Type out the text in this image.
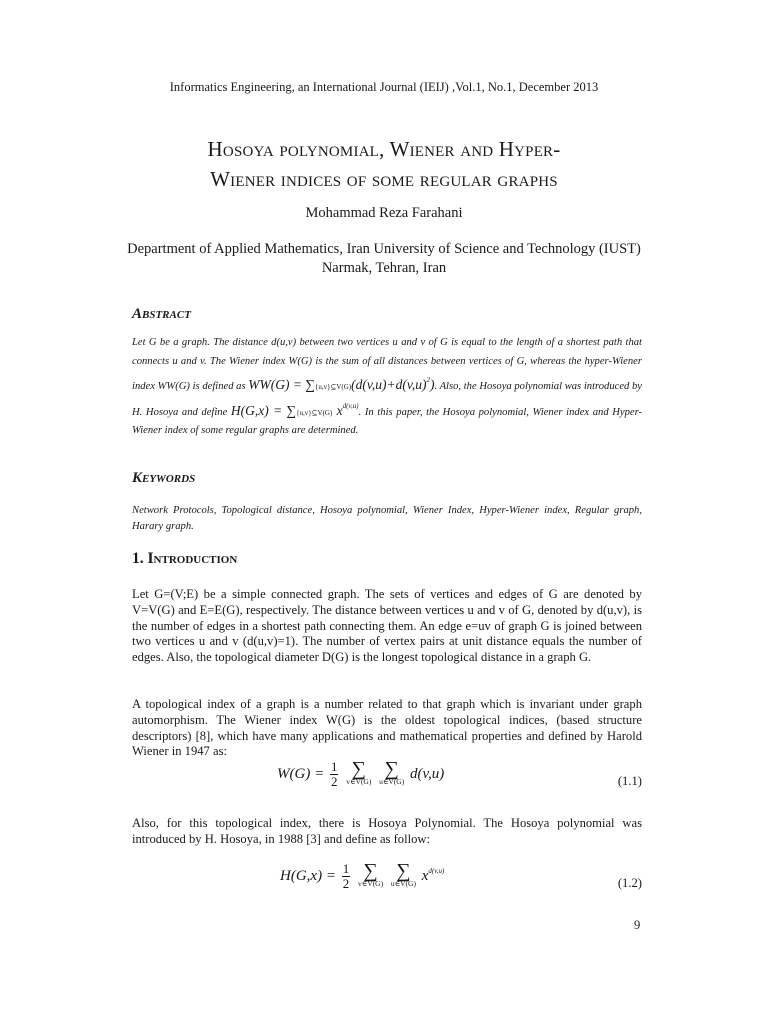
Informatics Engineering, an International Journal (IEIJ) ,Vol.1, No.1, December 2013
Hosoya polynomial, Wiener and Hyper-
Wiener indices of some regular graphs
Mohammad Reza Farahani
Department of Applied Mathematics, Iran University of Science and Technology (IUST)
Narmak, Tehran, Iran
Abstract
Let G be a graph. The distance d(u,v) between two vertices u and v of G is equal to the length of a shortest path that connects u and v. The Wiener index W(G) is the sum of all distances between vertices of G, whereas the hyper-Wiener index WW(G) is defined as $WW(G) = \sum\{u,v\}⊆V(G)(d(v,u)+d(v,u)^2)$. Also, the Hosoya polynomial was introduced by H. Hosoya and define H(G,x) = ∑{u,v}⊆V(G) $x^{d(v,u)}$. In this paper, the Hosoya polynomial, Wiener index and Hyper-Wiener index of some regular graphs are determined.
Keywords
Network Protocols, Topological distance, Hosoya polynomial, Wiener Index, Hyper-Wiener index, Regular graph, Harary graph.
1. Introduction
Let G=(V;E) be a simple connected graph. The sets of vertices and edges of G are denoted by V=V(G) and E=E(G), respectively. The distance between vertices u and v of G, denoted by d(u,v), is the number of edges in a shortest path connecting them. An edge e=uv of graph G is joined between two vertices u and v (d(u,v)=1). The number of vertex pairs at unit distance equals the number of edges. Also, the topological diameter D(G) is the longest topological distance in a graph G.
A topological index of a graph is a number related to that graph which is invariant under graph automorphism. The Wiener index W(G) is the oldest topological indices, (based structure descriptors) [8], which have many applications and mathematical properties and defined by Harold Wiener in 1947 as:
$W(G) = \frac{1}{2}$
∑
v∈V(G)

∑
u∈V(G) d(v,u)	(1.1)
Also, for this topological index, there is Hosoya Polynomial. The Hosoya polynomial was introduced by H. Hosoya, in 1988 [3] and define as follow:
$H(G,x) = \frac{1}{2}$
∑
v∈V(G)

∑
u∈V(G) $x^{d(v,u)}$
(1.2)
9
